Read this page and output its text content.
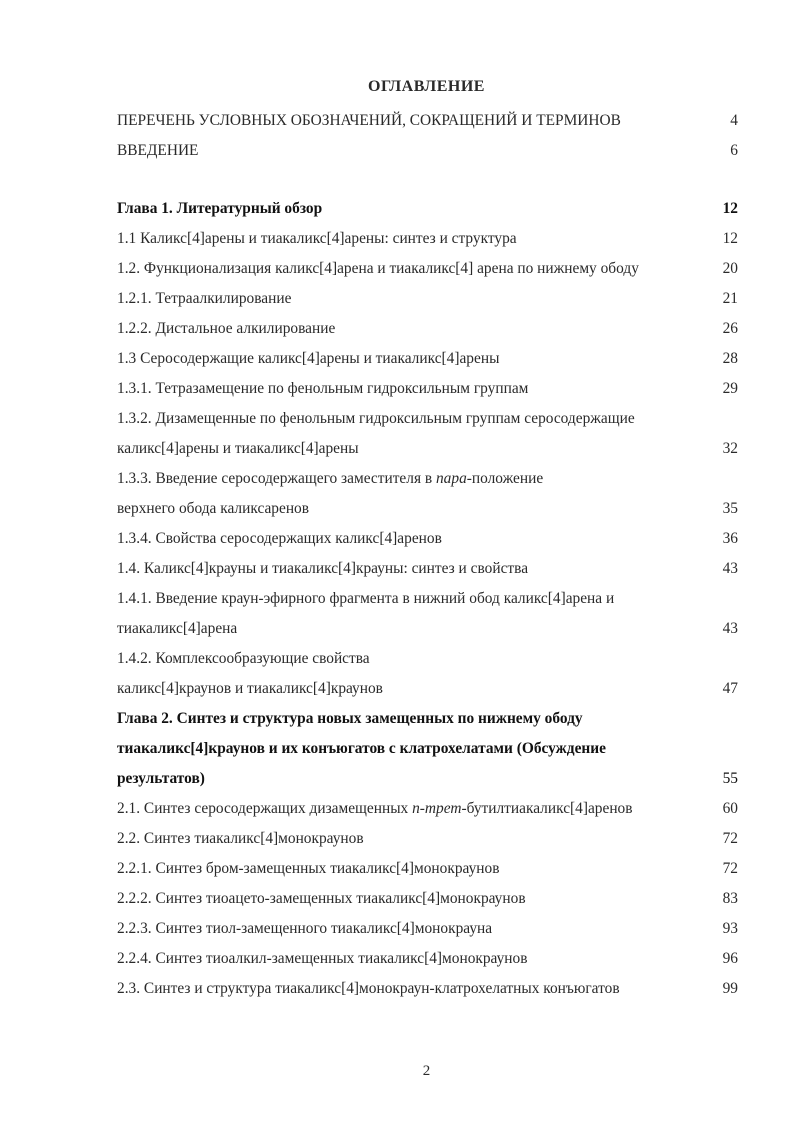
ОГЛАВЛЕНИЕ
ПЕРЕЧЕНЬ УСЛОВНЫХ ОБОЗНАЧЕНИЙ, СОКРАЩЕНИЙ И ТЕРМИНОВ	4
ВВЕДЕНИЕ	6
Глава 1. Литературный обзор	12
1.1 Каликс[4]арены и тиакаликс[4]арены: синтез и структура	12
1.2. Функционализация каликс[4]арена и тиакаликс[4] арена по нижнему ободу	20
1.2.1. Тетраалкилирование	21
1.2.2. Дистальное алкилирование	26
1.3 Серосодержащие каликс[4]арены и тиакаликс[4]арены	28
1.3.1. Тетразамещение по фенольным гидроксильным группам	29
1.3.2. Дизамещенные по фенольным гидроксильным группам серосодержащие
каликс[4]арены и тиакаликс[4]арены	32
1.3.3. Введение серосодержащего заместителя в пара-положение
верхнего обода каликсаренов	35
1.3.4. Свойства серосодержащих каликс[4]аренов	36
1.4. Каликс[4]крауны и тиакаликс[4]крауны: синтез и свойства	43
1.4.1. Введение краун-эфирного фрагмента в нижний обод каликс[4]арена и
тиакаликс[4]арена	43
1.4.2. Комплексообразующие свойства
каликс[4]краунов и тиакаликс[4]краунов	47
Глава 2. Синтез и структура новых замещенных по нижнему ободу
тиакаликс[4]краунов и их конъюгатов с клатрохелатами (Обсуждение
результатов)	55
2.1. Синтез серосодержащих дизамещенных п-трет-бутилтиакаликс[4]аренов	60
2.2. Синтез тиакаликс[4]монокраунов	72
2.2.1. Синтез бром-замещенных тиакаликс[4]монокраунов	72
2.2.2. Синтез тиоацето-замещенных тиакаликс[4]монокраунов	83
2.2.3. Синтез тиол-замещенного тиакаликс[4]монокрауна	93
2.2.4. Синтез тиоалкил-замещенных тиакаликс[4]монокраунов	96
2.3. Синтез и структура тиакаликс[4]монокраун-клатрохелатных конъюгатов	99
2
